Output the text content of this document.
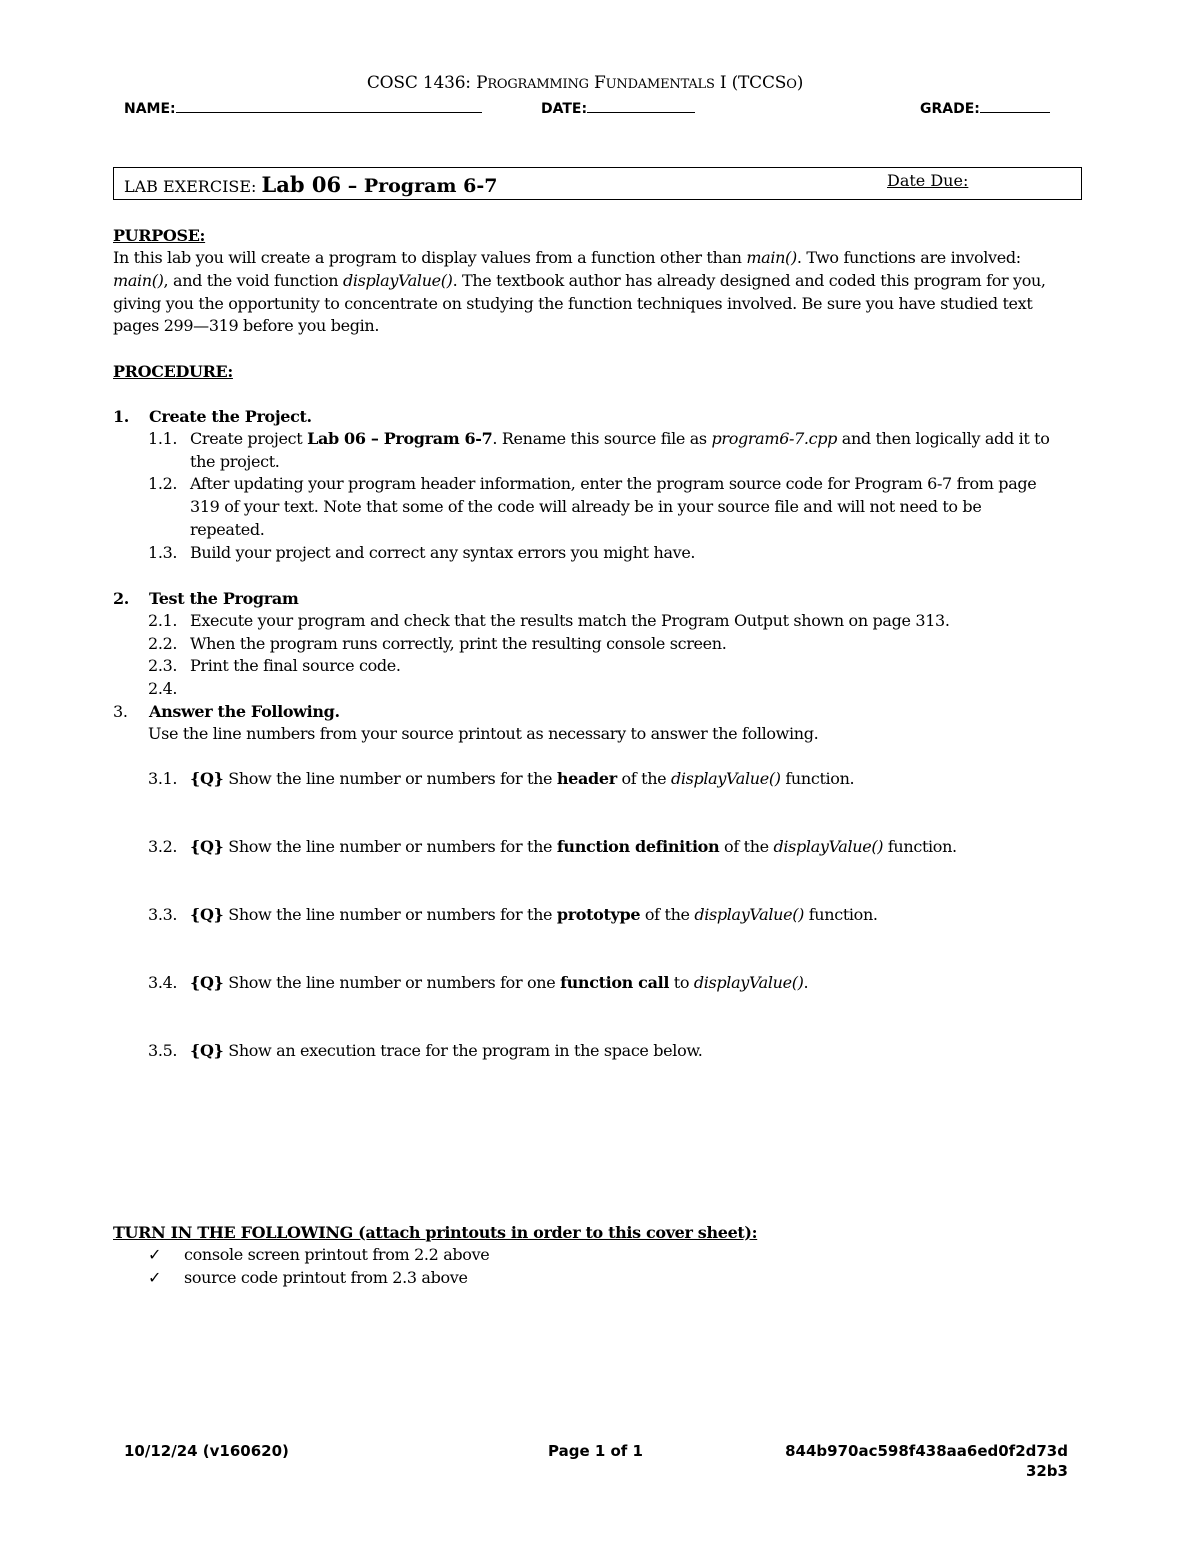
COSC 1436: PROGRAMMING FUNDAMENTALS I (TCCSO)
NAME:	DATE:	GRADE:
LAB EXERCISE: Lab 06 – Program 6-7	Date Due:
PURPOSE:
In this lab you will create a program to display values from a function other than main(). Two functions are involved:
main(), and the void function displayValue(). The textbook author has already designed and coded this program for you,
giving you the opportunity to concentrate on studying the function techniques involved. Be sure you have studied text
pages 299—319 before you begin.
PROCEDURE:
1. Create the Project.
1.1. Create project Lab 06 – Program 6-7. Rename this source file as program6-7.cpp and then logically add it to
the project.
1.2. After updating your program header information, enter the program source code for Program 6-7 from page
319 of your text. Note that some of the code will already be in your source file and will not need to be
repeated.
1.3. Build your project and correct any syntax errors you might have.
2. Test the Program
2.1. Execute your program and check that the results match the Program Output shown on page 313.
2.2. When the program runs correctly, print the resulting console screen.
2.3. Print the final source code.
2.4.
3. Answer the Following.
Use the line numbers from your source printout as necessary to answer the following.
3.1. {Q} Show the line number or numbers for the header of the displayValue() function.
3.2. {Q} Show the line number or numbers for the function definition of the displayValue() function.
3.3. {Q} Show the line number or numbers for the prototype of the displayValue() function.
3.4. {Q} Show the line number or numbers for one function call to displayValue().
3.5. {Q} Show an execution trace for the program in the space below.
TURN IN THE FOLLOWING (attach printouts in order to this cover sheet):
✓ console screen printout from 2.2 above
✓ source code printout from 2.3 above
10/12/24 (v160620)	Page 1 of 1	844b970ac598f438aa6ed0f2d73d
32b3
